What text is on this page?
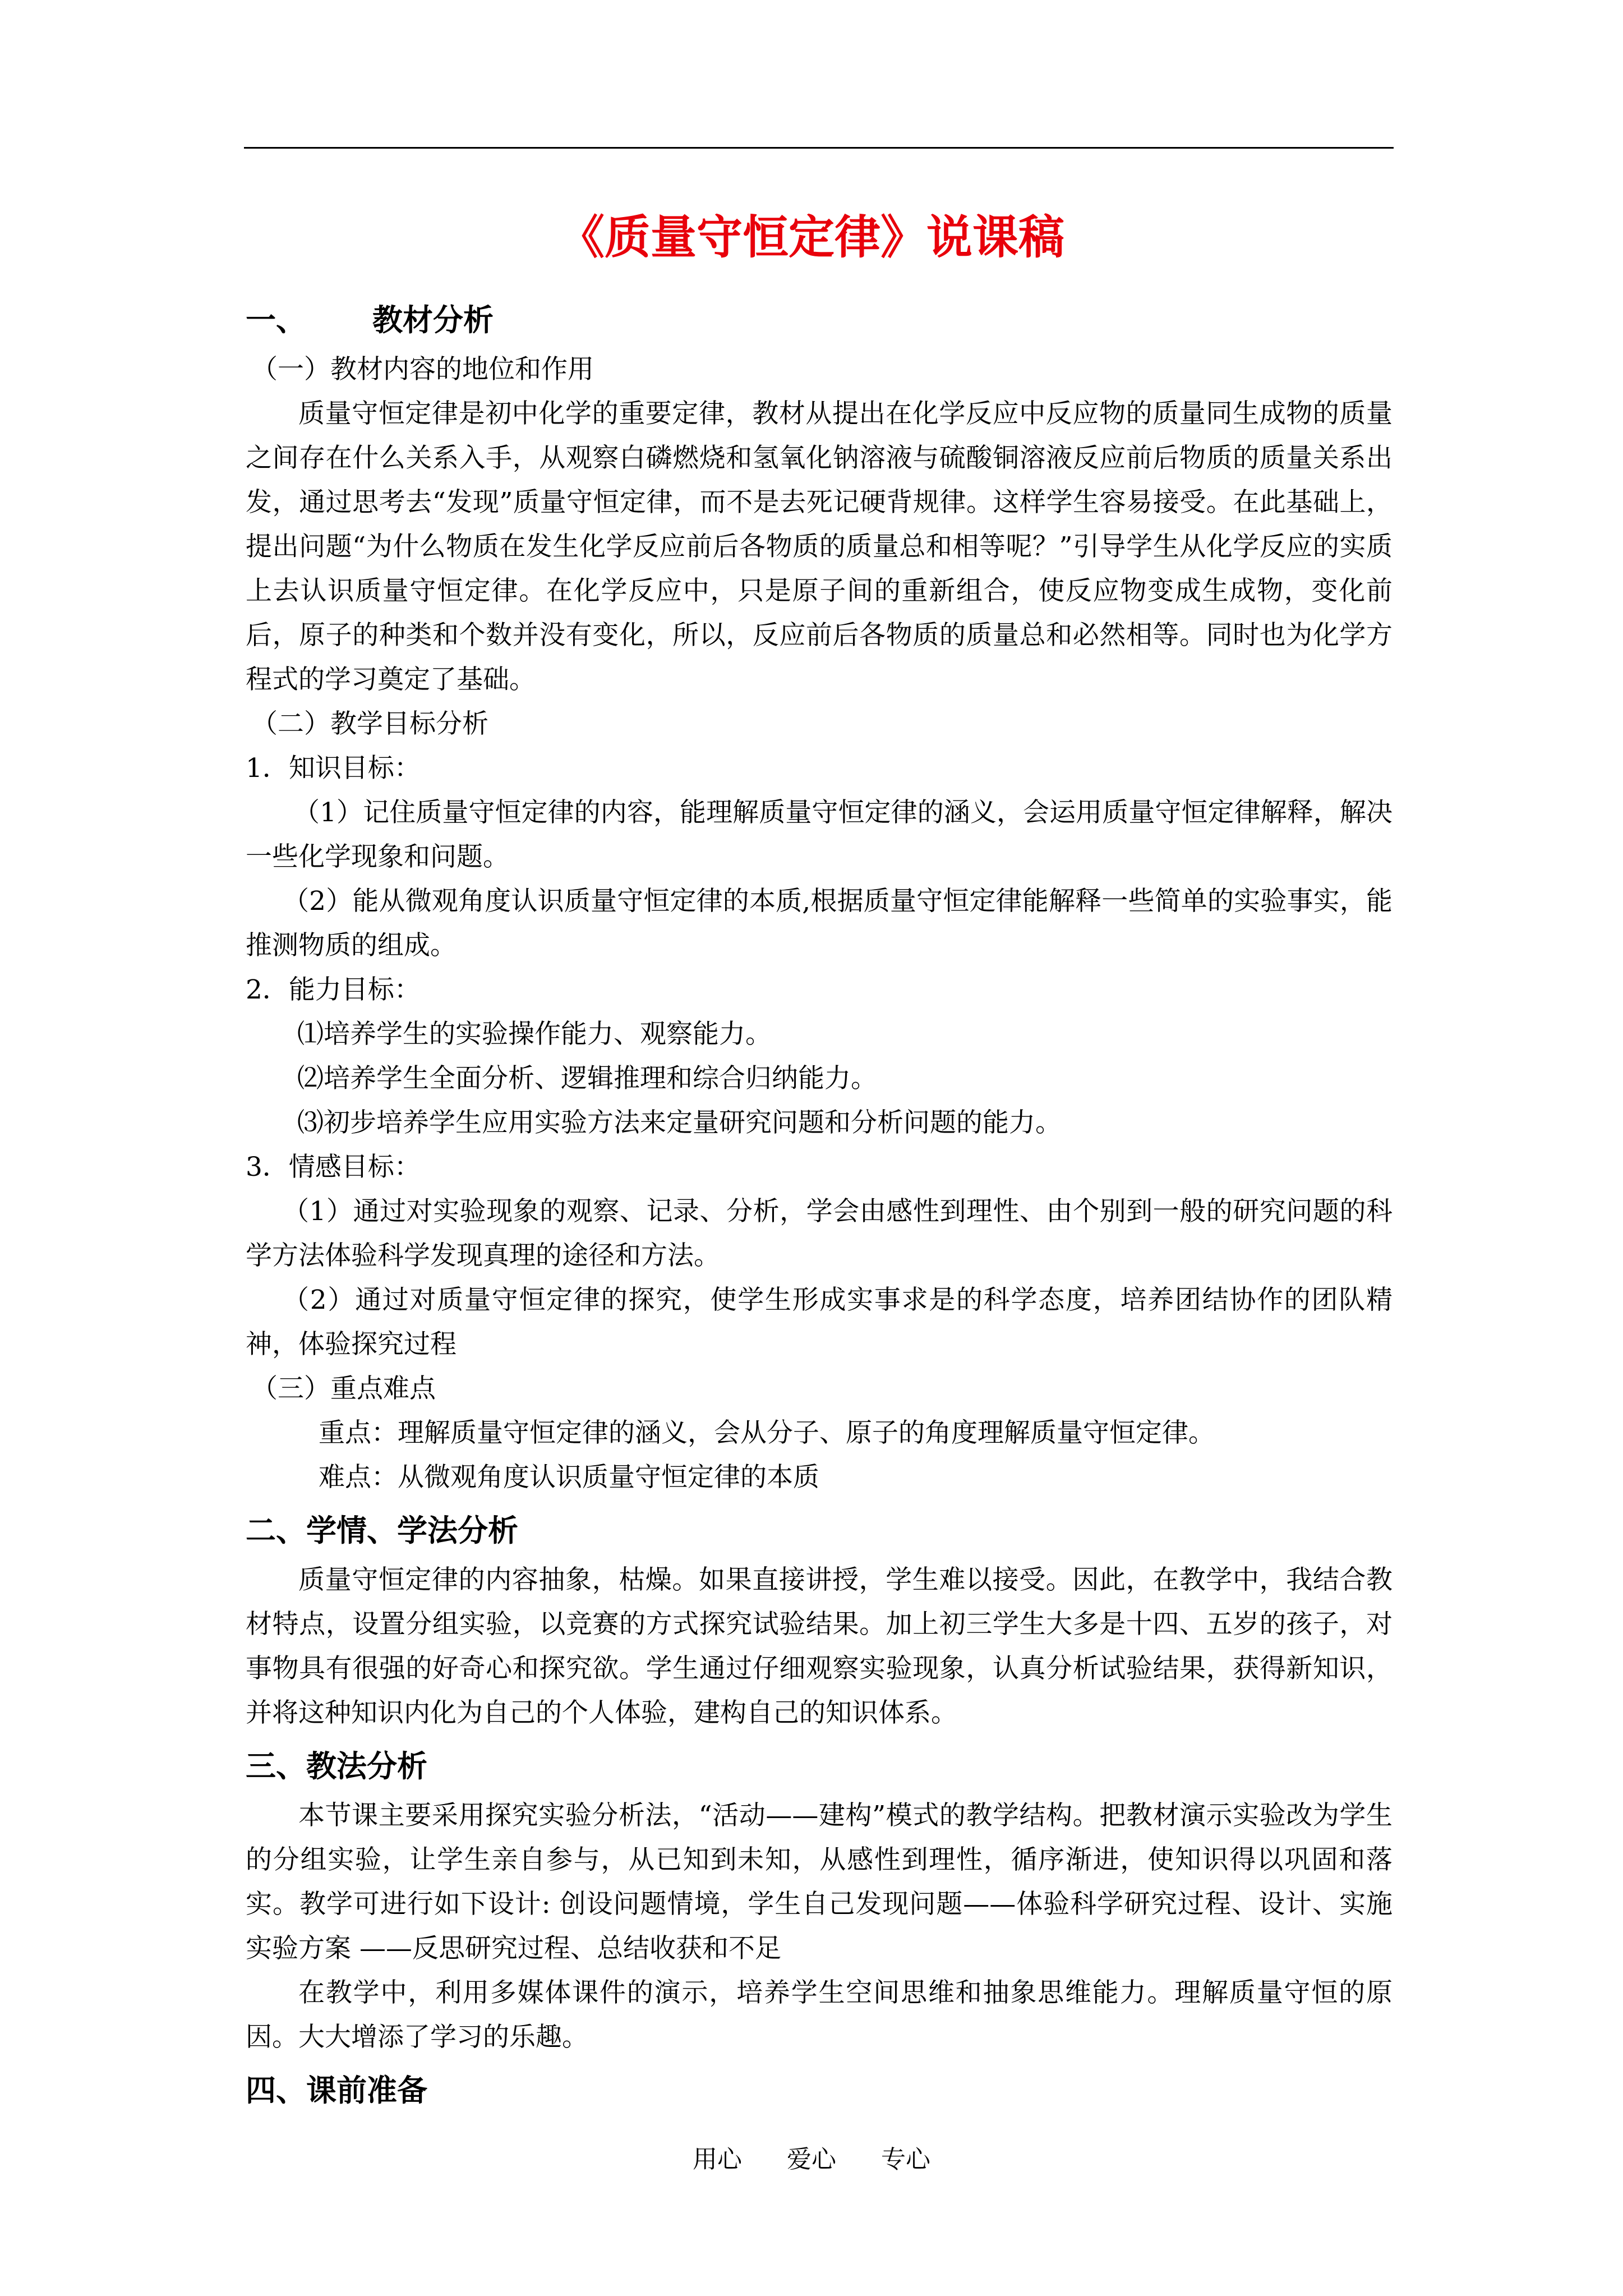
《质量守恒定律》说课稿
一、 教材分析
（一）教材内容的地位和作用

质量守恒定律是初中化学的重要定律，教材从提出在化学反应中反应物的质量同生成物的质量之间存在什么关系入手，从观察白磷燃烧和氢氧化钠溶液与硫酸铜溶液反应前后物质的质量关系出发，通过思考去“发现”质量守恒定律，而不是去死记硬背规律。这样学生容易接受。在此基础上，提出问题“为什么物质在发生化学反应前后各物质的质量总和相等呢？”引导学生从化学反应的实质上去认识质量守恒定律。在化学反应中，只是原子间的重新组合，使反应物变成生成物，变化前后，原子的种类和个数并没有变化，所以，反应前后各物质的质量总和必然相等。同时也为化学方程式的学习奠定了基础。

（二）教学目标分析
1．知识目标：

（1）记住质量守恒定律的内容，能理解质量守恒定律的涵义，会运用质量守恒定律解释，解决一些化学现象和问题。

（2）能从微观角度认识质量守恒定律的本质,根据质量守恒定律能解释一些简单的实验事实，能推测物质的组成。

2．能力目标：
⑴培养学生的实验操作能力、观察能力。
⑵培养学生全面分析、逻辑推理和综合归纳能力。
⑶初步培养学生应用实验方法来定量研究问题和分析问题的能力。
3．情感目标：

（1）通过对实验现象的观察、记录、分析，学会由感性到理性、由个别到一般的研究问题的科学方法体验科学发现真理的途径和方法。

（2）通过对质量守恒定律的探究，使学生形成实事求是的科学态度，培养团结协作的团队精神，体验探究过程

（三）重点难点
重点：理解质量守恒定律的涵义，会从分子、原子的角度理解质量守恒定律。
难点：从微观角度认识质量守恒定律的本质
二、学情、学法分析

质量守恒定律的内容抽象，枯燥。如果直接讲授，学生难以接受。因此，在教学中，我结合教材特点，设置分组实验，以竞赛的方式探究试验结果。加上初三学生大多是十四、五岁的孩子，对事物具有很强的好奇心和探究欲。学生通过仔细观察实验现象，认真分析试验结果，获得新知识，并将这种知识内化为自己的个人体验，建构自己的知识体系。

三、教法分析

本节课主要采用探究实验分析法，“活动——建构”模式的教学结构。把教材演示实验改为学生的分组实验，让学生亲自参与，从已知到未知，从感性到理性，循序渐进，使知识得以巩固和落实。教学可进行如下设计: 创设问题情境，学生自己发现问题——体验科学研究过程、设计、实施实验方案 ——反思研究过程、总结收获和不足

在教学中，利用多媒体课件的演示，培养学生空间思维和抽象思维能力。理解质量守恒的原因。大大增添了学习的乐趣。

四、课前准备
用心 爱心 专心
